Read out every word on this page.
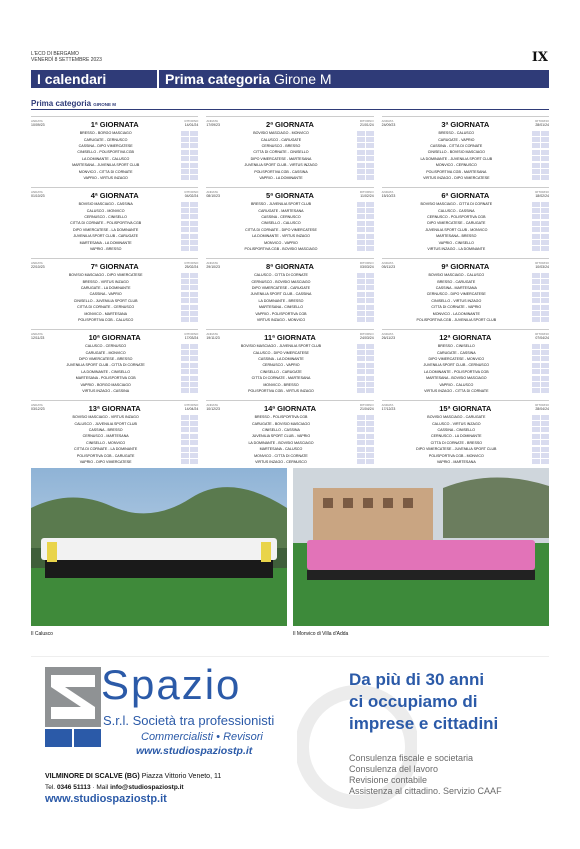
L'ECO DI BERGAMO
VENERDÌ 8 SETTEMBRE 2023	IX
I calendari	Prima categoria Girone M
Prima categoria GIRONE M
ANDATA	RITORNO
10/09/23	14/01/24
1ª GIORNATA
BRESSO - BORGO MASCIAGO
CARUGATE - CERNUSCO
CASSINA - DIPO VIMERCATESE
CINISELLO - POLISPORTIVA CGB
LA DOMINANTE - CALUSCO
MARTESANA - JUVENILIA SPORT CLUB
MONVICO - CITTÀ DI CORNATE
VAPRIO - VIRTUS INZAGO
ANDATA	RITORNO
17/09/23	21/01/24
2ª GIORNATA
BOVISIO MASCIAGO - MONVICO
CALUSCO - CARUGATE
CERNUSCO - BRESSO
CITTÀ DI CORNATE - CINISELLO
DIPO VIMERCATESE - MARTESANA
JUVENILIA SPORT CLUB - VIRTUS INZAGO
POLISPORTIVA CGB - CASSINA
VAPRIO - LA DOMINANTE
ANDATA	RITORNO
24/09/23	28/01/24
3ª GIORNATA
BRESSO - CALUSCO
CARUGATE - VAPRIO
CASSINA - CITTÀ DI CORNATE
CINISELLO - BOVISIO MASCIAGO
LA DOMINANTE - JUVENILIA SPORT CLUB
MONVICO - CERNUSCO
POLISPORTIVA CGB - MARTESANA
VIRTUS INZAGO - DIPO VIMERCATESE
ANDATA	RITORNO
01/10/23	04/02/24
4ª GIORNATA
BOVISIO MASCIAGO - CASSINA
CALUSCO - MONVICO
CERNUSCO - CINISELLO
CITTÀ DI CORNATE - POLISPORTIVA CGB
DIPO VIMERCATESE - LA DOMINANTE
JUVENILIA SPORT CLUB - CARUGATE
MARTESANA - LA DOMINANTE
VAPRIO - BRESSO
ANDATA	RITORNO
08/10/23	11/02/24
5ª GIORNATA
BRESSO - JUVENILIA SPORT CLUB
CARUGATE - MARTESANA
CASSINA - CERNUSCO
CINISELLO - CALUSCO
CITTÀ DI CORNATE - DIPO VIMERCATESE
LA DOMINANTE - VIRTUS INZAGO
MONVICO - VAPRIO
POLISPORTIVA CGB - BOVISIO MASCIAGO
ANDATA	RITORNO
15/10/23	18/02/24
6ª GIORNATA
BOVISIO MASCIAGO - CITTÀ DI CORNATE
CALUSCO - CASSINA
CERNUSCO - POLISPORTIVA CGB
DIPO VIMERCATESE - CARUGATE
JUVENILIA SPORT CLUB - MONVICO
MARTESANA - BRESSO
VAPRIO - CINISELLO
VIRTUS INZAGO - LA DOMINANTE
ANDATA	RITORNO
22/10/23	25/02/24
7ª GIORNATA
BOVISIO MASCIAGO - DIPO VIMERCATESE
BRESSO - VIRTUS INZAGO
CARUGATE - LA DOMINANTE
CASSINA - VAPRIO
CINISELLO - JUVENILIA SPORT CLUB
CITTÀ DI CORNATE - CERNUSCO
MONVICO - MARTESANA
POLISPORTIVA CGB - CALUSCO
ANDATA	RITORNO
29/10/23	03/03/24
8ª GIORNATA
CALUSCO - CITTÀ DI CORNATE
CERNUSCO - BOVISIO MASCIAGO
DIPO VIMERCATESE - CARUGATE
JUVENILIA SPORT CLUB - CASSINA
LA DOMINANTE - BRESSO
MARTESANA - CINISELLO
VAPRIO - POLISPORTIVA CGB
VIRTUS INZAGO - MONVICO
ANDATA	RITORNO
05/11/23	10/03/24
9ª GIORNATA
BOVISIO MASCIAGO - CALUSCO
BRESSO - CARUGATE
CASSINA - MARTESANA
CERNUSCO - DIPO VIMERCATESE
CINISELLO - VIRTUS INZAGO
CITTÀ DI CORNATE - VAPRIO
MONVICO - LA DOMINANTE
POLISPORTIVA CGB - JUVENILIA SPORT CLUB
ANDATA	RITORNO
12/11/23	17/03/24
10ª GIORNATA
CALUSCO - CERNUSCO
CARUGATE - MONVICO
DIPO VIMERCATESE - BRESSO
JUVENILIA SPORT CLUB - CITTÀ DI CORNATE
LA DOMINANTE - CINISELLO
MARTESANA - POLISPORTIVA CGB
VAPRIO - BORGO MASCIAGO
VIRTUS INZAGO - CASSINA
ANDATA	RITORNO
19/11/23	24/03/24
11ª GIORNATA
BOVISIO MASCIAGO - JUVENILIA SPORT CLUB
CALUSCO - DIPO VIMERCATESE
CASSINA - LA DOMINANTE
CERNUSCO - VAPRIO
CINISELLO - CARUGATE
CITTÀ DI CORNATE - MARTESANA
MONVICO - BRESSO
POLISPORTIVA CGB - VIRTUS INZAGO
ANDATA	RITORNO
26/11/23	07/04/24
12ª GIORNATA
BRESSO - CINISELLO
CARUGATE - CASSINA
DIPO VIMERCATESE - MONVICO
JUVENILIA SPORT CLUB - CERNUSCO
LA DOMINANTE - POLISPORTIVA CGB
MARTESANA - BOVISIO MASCIAGO
VAPRIO - CALUSCO
VIRTUS INZAGO - CITTÀ DI CORNATE
ANDATA	RITORNO
03/12/23	14/04/24
13ª GIORNATA
BOVISIO MASCIAGO - VIRTUS INZAGO
CALUSCO - JUVENILIA SPORT CLUB
CASSINA - BRESSO
CERNUSCO - MARTESANA
CINISELLO - MONVICO
CITTÀ DI CORNATE - LA DOMINANTE
POLISPORTIVA CGB - CARUGATE
VAPRIO - DIPO VIMERCATESE
ANDATA	RITORNO
10/12/23	21/04/24
14ª GIORNATA
BRESSO - POLISPORTIVA CGB
CARUGATE - BOVISIO MASCIAGO
CINISELLO - CASSINA
JUVENILIA SPORT CLUB - VAPRIO
LA DOMINANTE - BOVISIO MASCIAGO
MARTESANA - CALUSCO
MONVICO - CITTÀ DI CORNATE
VIRTUS INZAGO - CERNUSCO
ANDATA	RITORNO
17/12/23	28/04/24
15ª GIORNATA
BOVISIO MASCIAGO - CARUGATE
CALUSCO - VIRTUS INZAGO
CASSINA - CINISELLO
CERNUSCO - LA DOMINANTE
CITTÀ DI CORNATE - BRESSO
DIPO VIMERCATESE - JUVENILIA SPORT CLUB
POLISPORTIVA CGB - MONVICO
VAPRIO - MARTESANA
Il Calusco	Il Monvico di Villa d'Adda
Spazio
S.r.l. Società tra professionisti
Commercialisti • Revisori
www.studiospaziostp.it
VILMINORE DI SCALVE (BG) Piazza Vittorio Veneto, 11
Tel. 0346 51113 · Mail info@studiospaziostp.it
www.studiospaziostp.it
Da più di 30 anni
ci occupiamo di
imprese e cittadini
Consulenza fiscale e societaria
Consulenza del lavoro
Revisione contabile
Assistenza al cittadino. Servizio CAAF
